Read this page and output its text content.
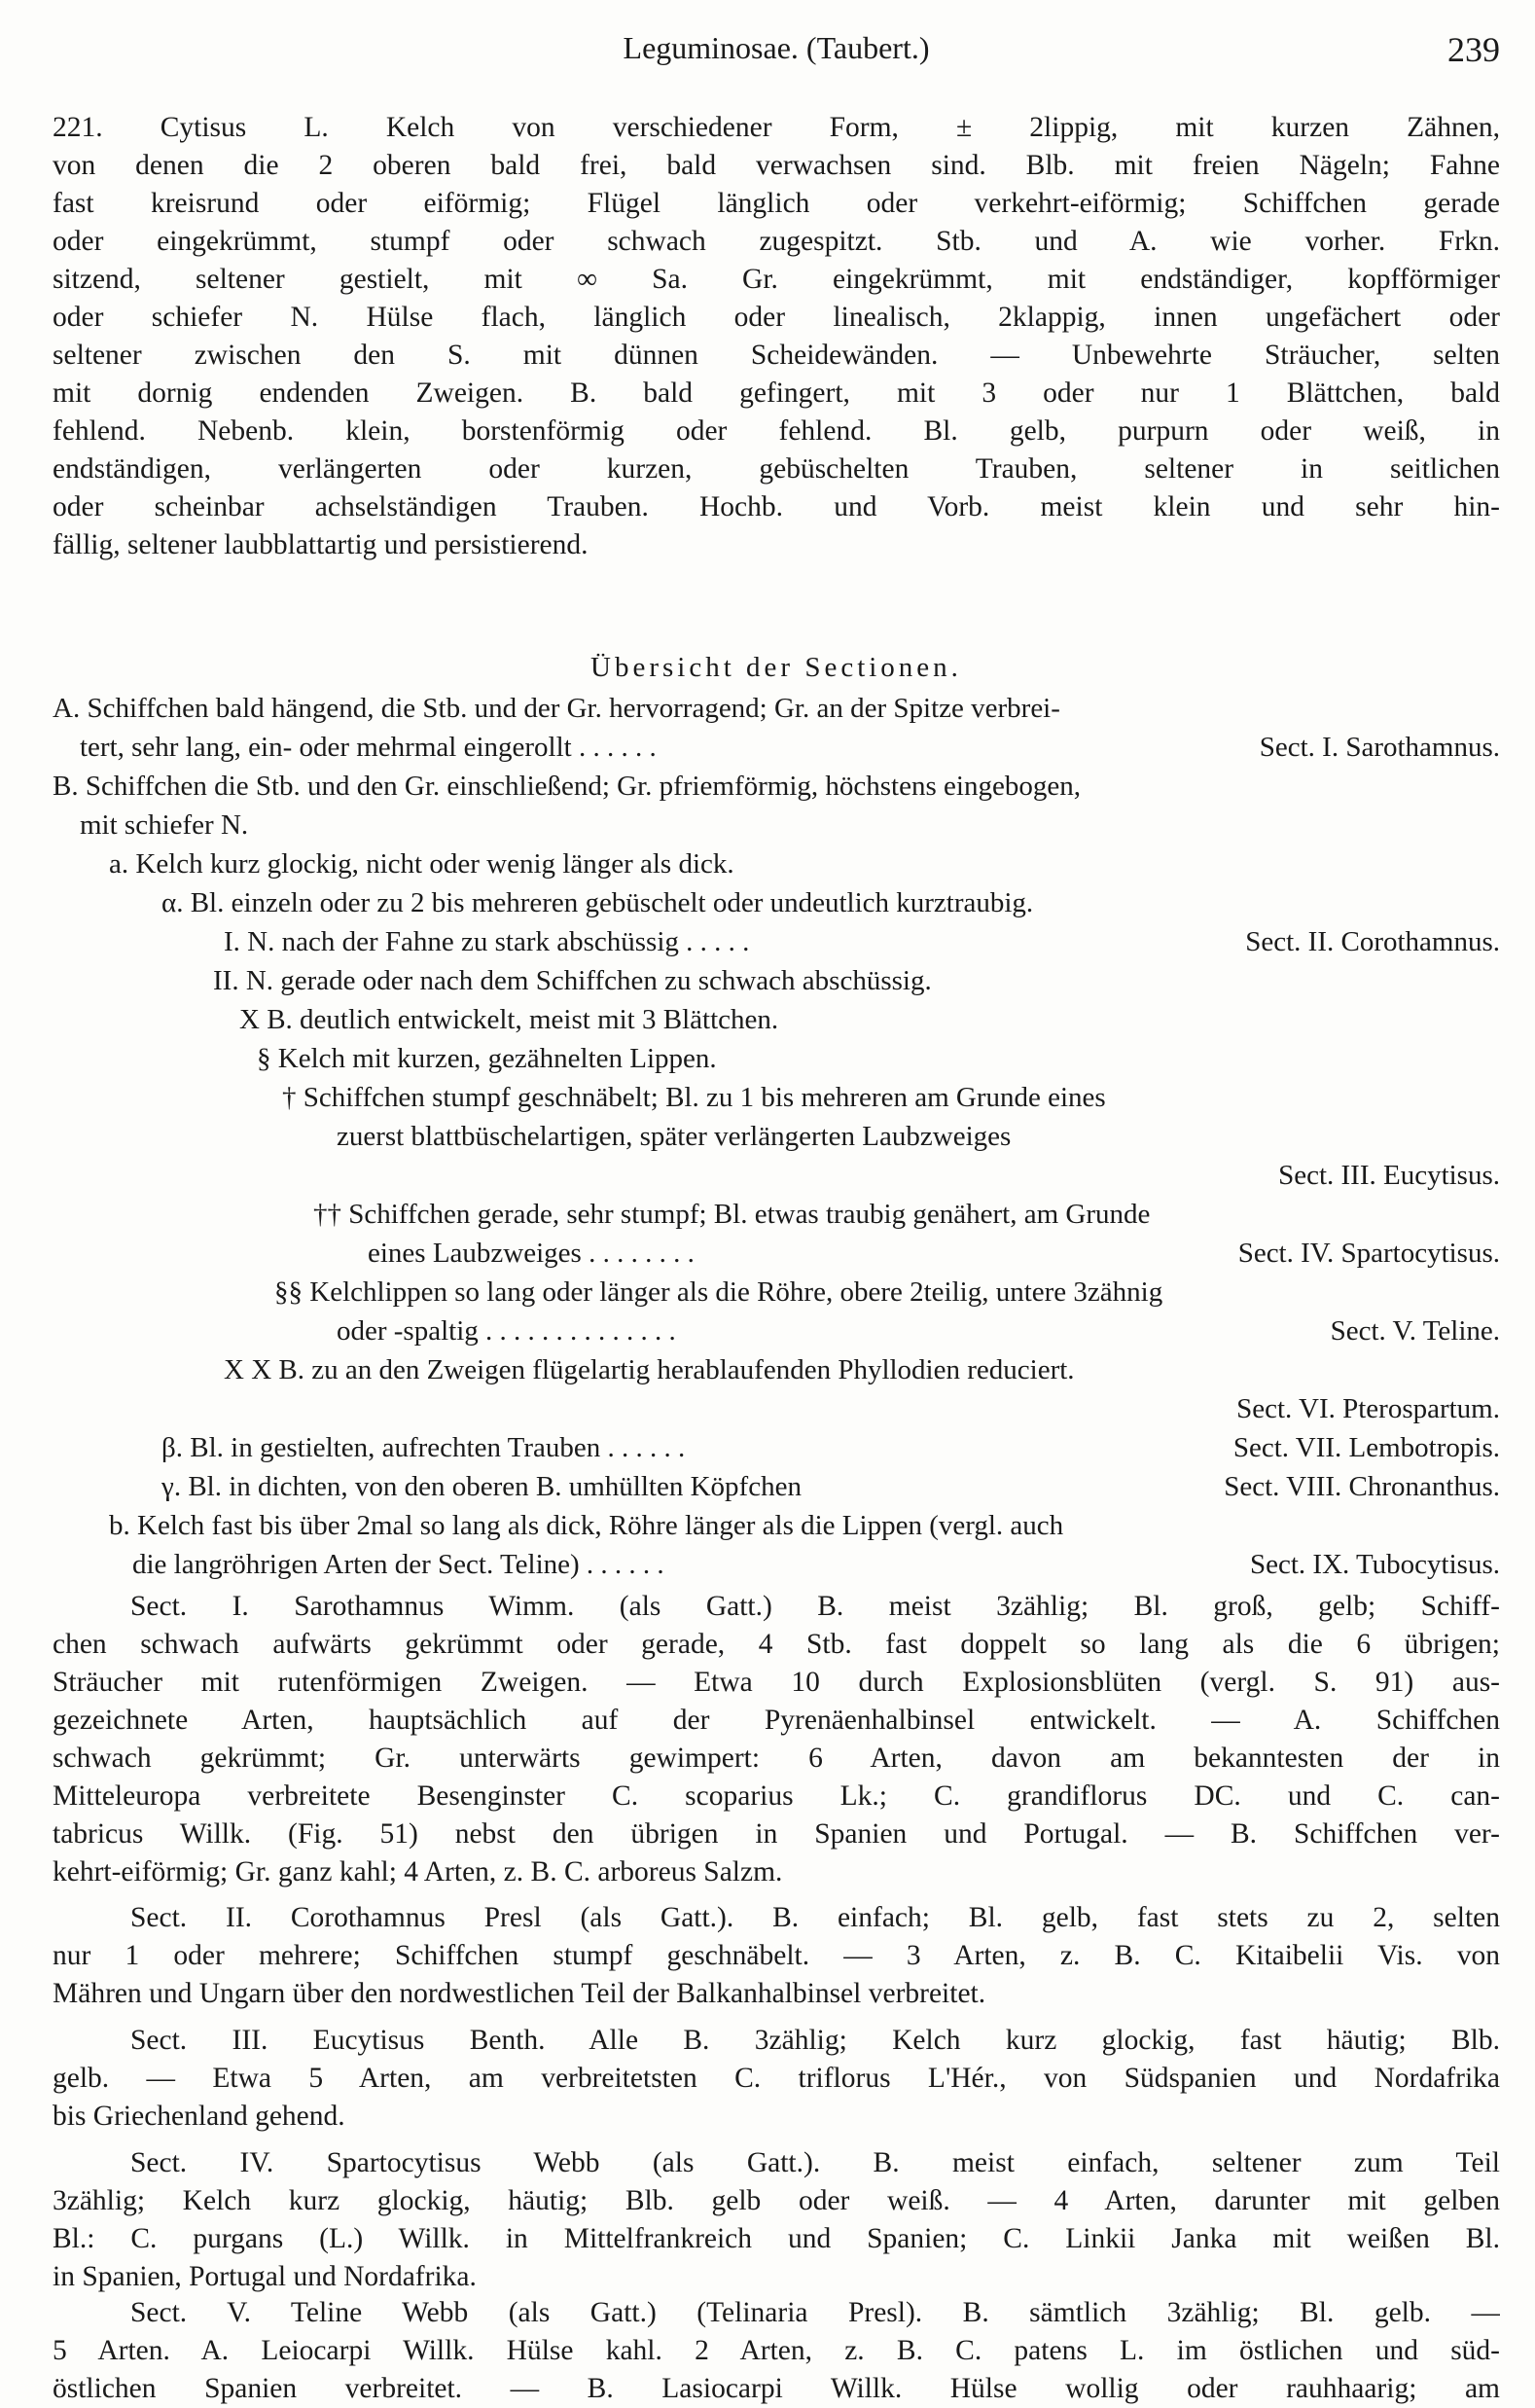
Leguminosae. (Taubert.)	239
221. Cytisus L. Kelch von verschiedener Form, ± 2lippig, mit kurzen Zähnen,
von denen die 2 oberen bald frei, bald verwachsen sind. Blb. mit freien Nägeln; Fahne
fast kreisrund oder eiförmig; Flügel länglich oder verkehrt-eiförmig; Schiffchen gerade
oder eingekrümmt, stumpf oder schwach zugespitzt. Stb. und A. wie vorher. Frkn.
sitzend, seltener gestielt, mit ∞ Sa. Gr. eingekrümmt, mit endständiger, kopfförmiger
oder schiefer N. Hülse flach, länglich oder linealisch, 2klappig, innen ungefächert oder
seltener zwischen den S. mit dünnen Scheidewänden. — Unbewehrte Sträucher, selten
mit dornig endenden Zweigen. B. bald gefingert, mit 3 oder nur 1 Blättchen, bald
fehlend. Nebenb. klein, borstenförmig oder fehlend. Bl. gelb, purpurn oder weiß, in
endständigen, verlängerten oder kurzen, gebüschelten Trauben, seltener in seitlichen
oder scheinbar achselständigen Trauben. Hochb. und Vorb. meist klein und sehr hin-
fällig, seltener laubblattartig und persistierend.
Übersicht der Sectionen.
A. Schiffchen bald hängend, die Stb. und der Gr. hervorragend; Gr. an der Spitze verbrei-
tert, sehr lang, ein- oder mehrmal eingerollt . . . . . .	Sect. I. Sarothamnus.
B. Schiffchen die Stb. und den Gr. einschließend; Gr. pfriemförmig, höchstens eingebogen,
mit schiefer N.
a. Kelch kurz glockig, nicht oder wenig länger als dick.
α. Bl. einzeln oder zu 2 bis mehreren gebüschelt oder undeutlich kurztraubig.
I. N. nach der Fahne zu stark abschüssig . . . . .	Sect. II. Corothamnus.
II. N. gerade oder nach dem Schiffchen zu schwach abschüssig.
X B. deutlich entwickelt, meist mit 3 Blättchen.
§ Kelch mit kurzen, gezähnelten Lippen.
† Schiffchen stumpf geschnäbelt; Bl. zu 1 bis mehreren am Grunde eines
zuerst blattbüschelartigen, später verlängerten Laubzweiges
Sect. III. Eucytisus.
†† Schiffchen gerade, sehr stumpf; Bl. etwas traubig genähert, am Grunde
eines Laubzweiges . . . . . . . .	Sect. IV. Spartocytisus.
§§ Kelchlippen so lang oder länger als die Röhre, obere 2teilig, untere 3zähnig
oder -spaltig . . . . . . . . . . . . . .	Sect. V. Teline.
X X B. zu an den Zweigen flügelartig herablaufenden Phyllodien reduciert.
Sect. VI. Pterospartum.
β. Bl. in gestielten, aufrechten Trauben . . . . . .	Sect. VII. Lembotropis.
γ. Bl. in dichten, von den oberen B. umhüllten Köpfchen	Sect. VIII. Chronanthus.
b. Kelch fast bis über 2mal so lang als dick, Röhre länger als die Lippen (vergl. auch
die langröhrigen Arten der Sect. Teline) . . . . . .	Sect. IX. Tubocytisus.
Sect. I. Sarothamnus Wimm. (als Gatt.) B. meist 3zählig; Bl. groß, gelb; Schiff-
chen schwach aufwärts gekrümmt oder gerade, 4 Stb. fast doppelt so lang als die 6 übrigen;
Sträucher mit rutenförmigen Zweigen. — Etwa 10 durch Explosionsblüten (vergl. S. 91) aus-
gezeichnete Arten, hauptsächlich auf der Pyrenäenhalbinsel entwickelt. — A. Schiffchen
schwach gekrümmt; Gr. unterwärts gewimpert: 6 Arten, davon am bekanntesten der in
Mitteleuropa verbreitete Besenginster C. scoparius Lk.; C. grandiflorus DC. und C. can-
tabricus Willk. (Fig. 51) nebst den übrigen in Spanien und Portugal. — B. Schiffchen ver-
kehrt-eiförmig; Gr. ganz kahl; 4 Arten, z. B. C. arboreus Salzm.
Sect. II. Corothamnus Presl (als Gatt.). B. einfach; Bl. gelb, fast stets zu 2, selten
nur 1 oder mehrere; Schiffchen stumpf geschnäbelt. — 3 Arten, z. B. C. Kitaibelii Vis. von
Mähren und Ungarn über den nordwestlichen Teil der Balkanhalbinsel verbreitet.
Sect. III. Eucytisus Benth. Alle B. 3zählig; Kelch kurz glockig, fast häutig; Blb.
gelb. — Etwa 5 Arten, am verbreitetsten C. triflorus L'Hér., von Südspanien und Nordafrika
bis Griechenland gehend.
Sect. IV. Spartocytisus Webb (als Gatt.). B. meist einfach, seltener zum Teil
3zählig; Kelch kurz glockig, häutig; Blb. gelb oder weiß. — 4 Arten, darunter mit gelben
Bl.: C. purgans (L.) Willk. in Mittelfrankreich und Spanien; C. Linkii Janka mit weißen Bl.
in Spanien, Portugal und Nordafrika.
Sect. V. Teline Webb (als Gatt.) (Telinaria Presl). B. sämtlich 3zählig; Bl. gelb. —
5 Arten. A. Leiocarpi Willk. Hülse kahl. 2 Arten, z. B. C. patens L. im östlichen und süd-
östlichen Spanien verbreitet. — B. Lasiocarpi Willk. Hülse wollig oder rauhhaarig; am
